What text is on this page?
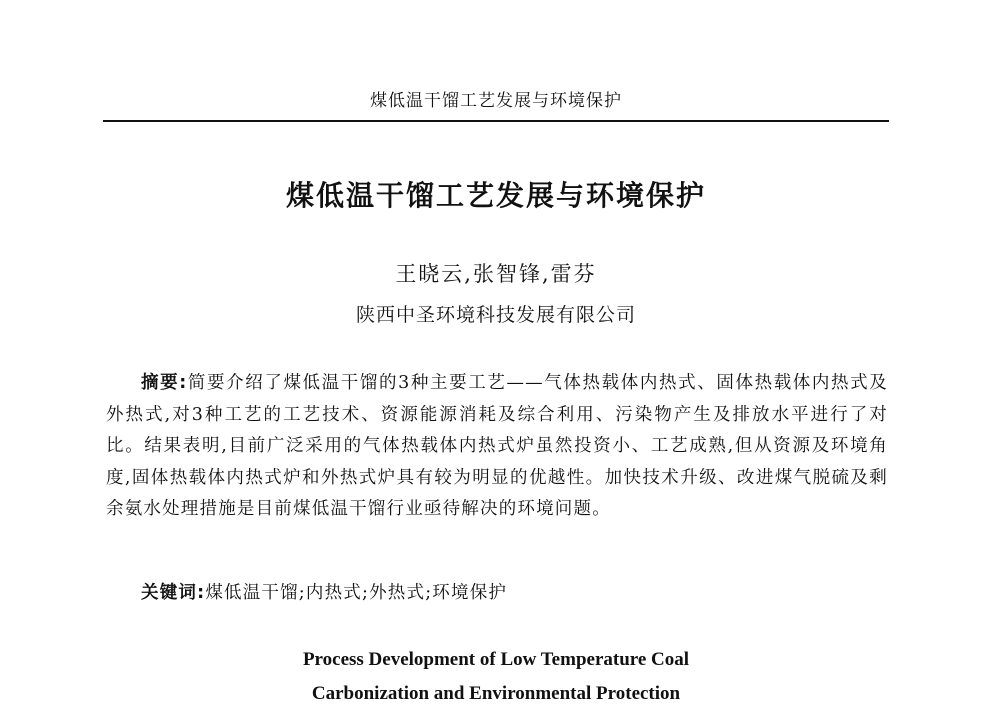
煤低温干馏工艺发展与环境保护
煤低温干馏工艺发展与环境保护
王晓云,张智锋,雷芬
陕西中圣环境科技发展有限公司

摘要:简要介绍了煤低温干馏的3种主要工艺——气体热载体内热式、固体热载体内热式及外热式,对3种工艺的工艺技术、资源能源消耗及综合利用、污染物产生及排放水平进行了对比。结果表明,目前广泛采用的气体热载体内热式炉虽然投资小、工艺成熟,但从资源及环境角度,固体热载体内热式炉和外热式炉具有较为明显的优越性。加快技术升级、改进煤气脱硫及剩余氨水处理措施是目前煤低温干馏行业亟待解决的环境问题。

关键词:煤低温干馏;内热式;外热式;环境保护

Process Development of Low Temperature Coal
Carbonization and Environmental Protection
